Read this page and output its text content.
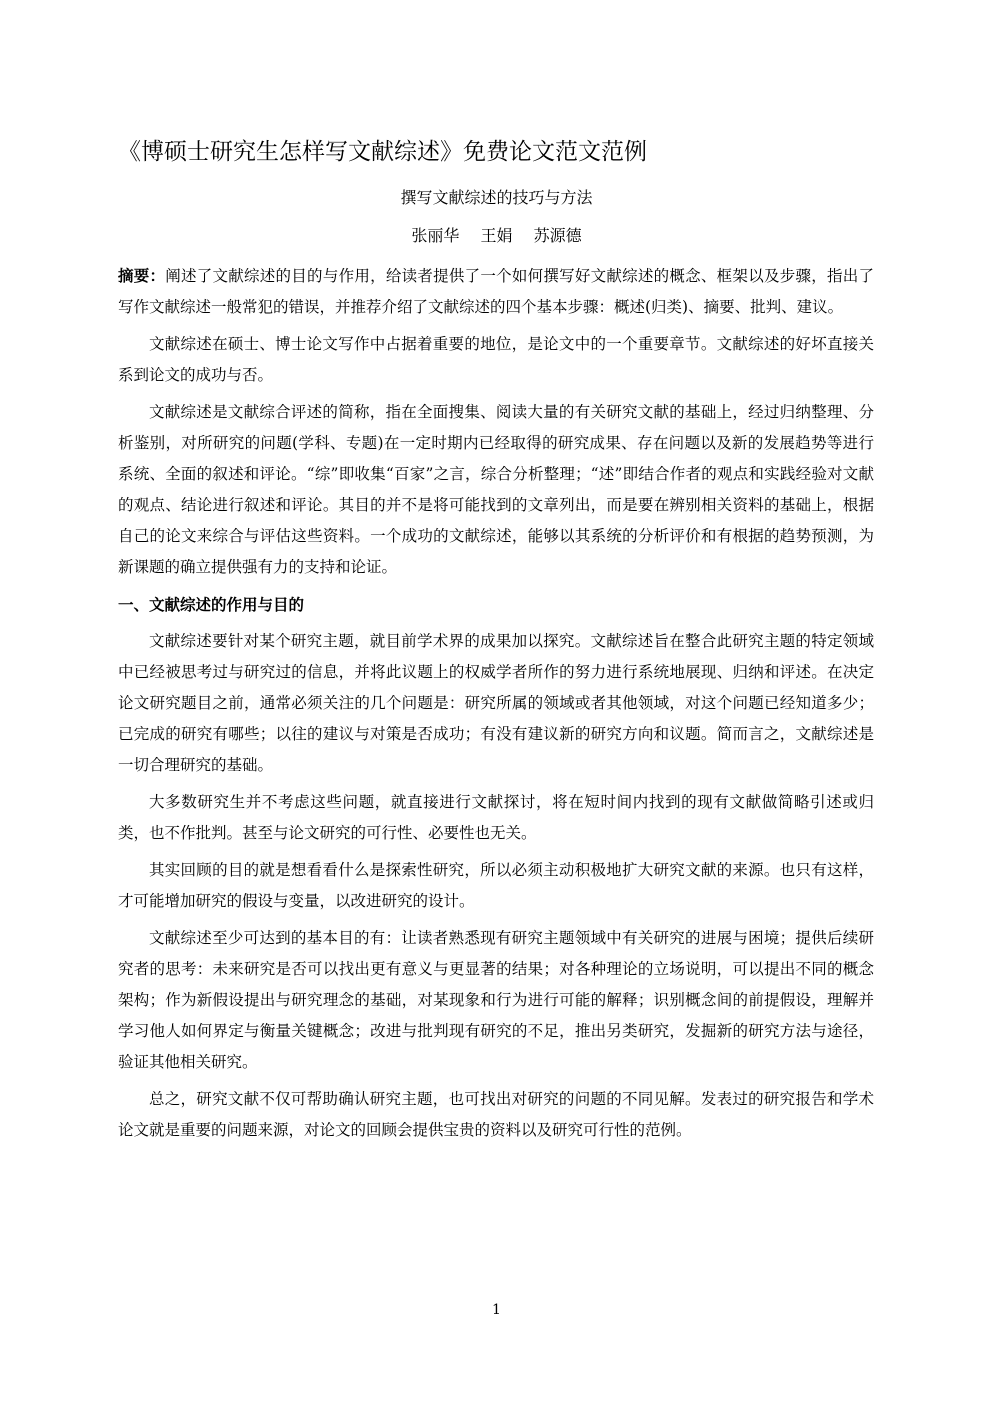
《博硕士研究生怎样写文献综述》免费论文范文范例

撰写文献综述的技巧与方法

张丽华 王娟 苏源德

摘要：阐述了文献综述的目的与作用，给读者提供了一个如何撰写好文献综述的概念、框架以及步骤，指出了写作文献综述一般常犯的错误，并推荐介绍了文献综述的四个基本步骤：概述(归类)、摘要、批判、建议。

文献综述在硕士、博士论文写作中占据着重要的地位，是论文中的一个重要章节。文献综述的好坏直接关系到论文的成功与否。

文献综述是文献综合评述的简称，指在全面搜集、阅读大量的有关研究文献的基础上，经过归纳整理、分析鉴别，对所研究的问题(学科、专题)在一定时期内已经取得的研究成果、存在问题以及新的发展趋势等进行系统、全面的叙述和评论。“综”即收集“百家”之言，综合分析整理；“述”即结合作者的观点和实践经验对文献的观点、结论进行叙述和评论。其目的并不是将可能找到的文章列出，而是要在辨别相关资料的基础上，根据自己的论文来综合与评估这些资料。一个成功的文献综述，能够以其系统的分析评价和有根据的趋势预测，为新课题的确立提供强有力的支持和论证。

一、文献综述的作用与目的

文献综述要针对某个研究主题，就目前学术界的成果加以探究。文献综述旨在整合此研究主题的特定领域中已经被思考过与研究过的信息，并将此议题上的权威学者所作的努力进行系统地展现、归纳和评述。在决定论文研究题目之前，通常必须关注的几个问题是：研究所属的领域或者其他领域，对这个问题已经知道多少；已完成的研究有哪些；以往的建议与对策是否成功；有没有建议新的研究方向和议题。简而言之，文献综述是一切合理研究的基础。

大多数研究生并不考虑这些问题，就直接进行文献探讨，将在短时间内找到的现有文献做简略引述或归类，也不作批判。甚至与论文研究的可行性、必要性也无关。

其实回顾的目的就是想看看什么是探索性研究，所以必须主动积极地扩大研究文献的来源。也只有这样，才可能增加研究的假设与变量，以改进研究的设计。

文献综述至少可达到的基本目的有：让读者熟悉现有研究主题领域中有关研究的进展与困境；提供后续研究者的思考：未来研究是否可以找出更有意义与更显著的结果；对各种理论的立场说明，可以提出不同的概念架构；作为新假设提出与研究理念的基础，对某现象和行为进行可能的解释；识别概念间的前提假设，理解并学习他人如何界定与衡量关键概念；改进与批判现有研究的不足，推出另类研究，发掘新的研究方法与途径，验证其他相关研究。

总之，研究文献不仅可帮助确认研究主题，也可找出对研究的问题的不同见解。发表过的研究报告和学术论文就是重要的问题来源，对论文的回顾会提供宝贵的资料以及研究可行性的范例。

1
